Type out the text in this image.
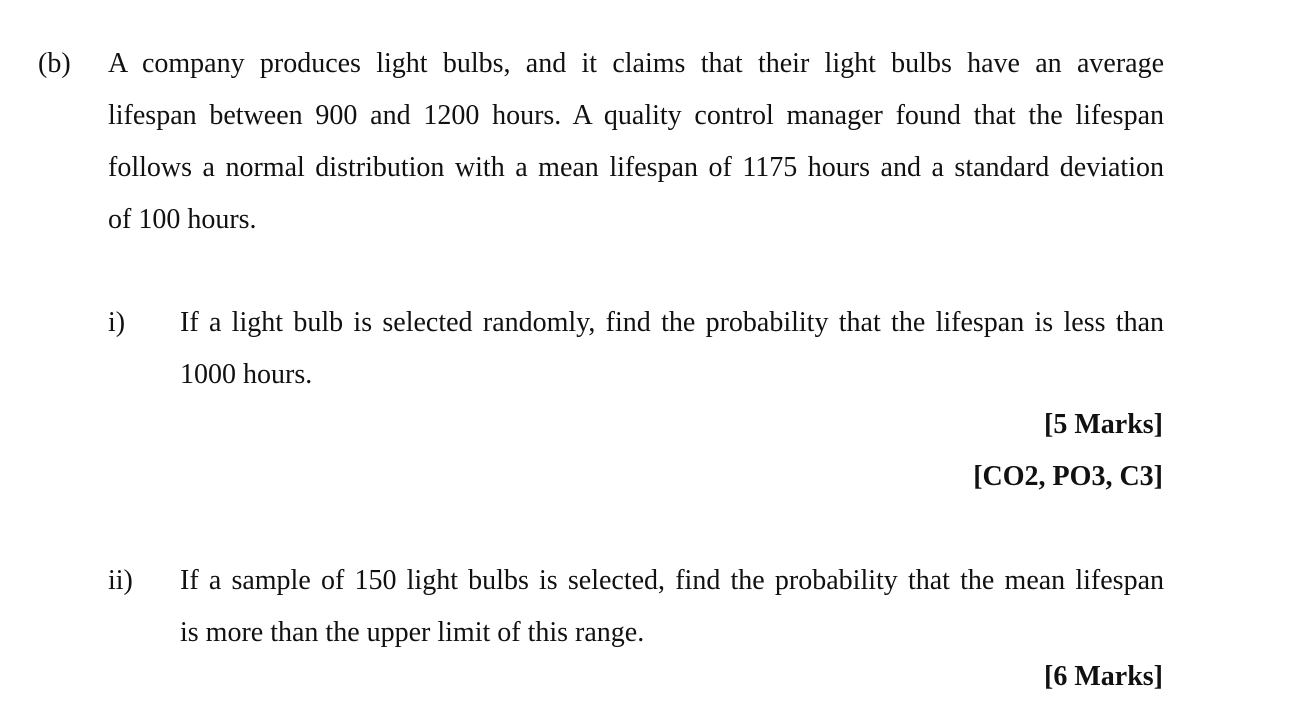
(b) A company produces light bulbs, and it claims that their light bulbs have an average
lifespan between 900 and 1200 hours. A quality control manager found that the lifespan
follows a normal distribution with a mean lifespan of 1175 hours and a standard deviation
of 100 hours.
i) If a light bulb is selected randomly, find the probability that the lifespan is less than
1000 hours.
[5 Marks]
[CO2, PO3, C3]
ii) If a sample of 150 light bulbs is selected, find the probability that the mean lifespan
is more than the upper limit of this range.
[6 Marks]
